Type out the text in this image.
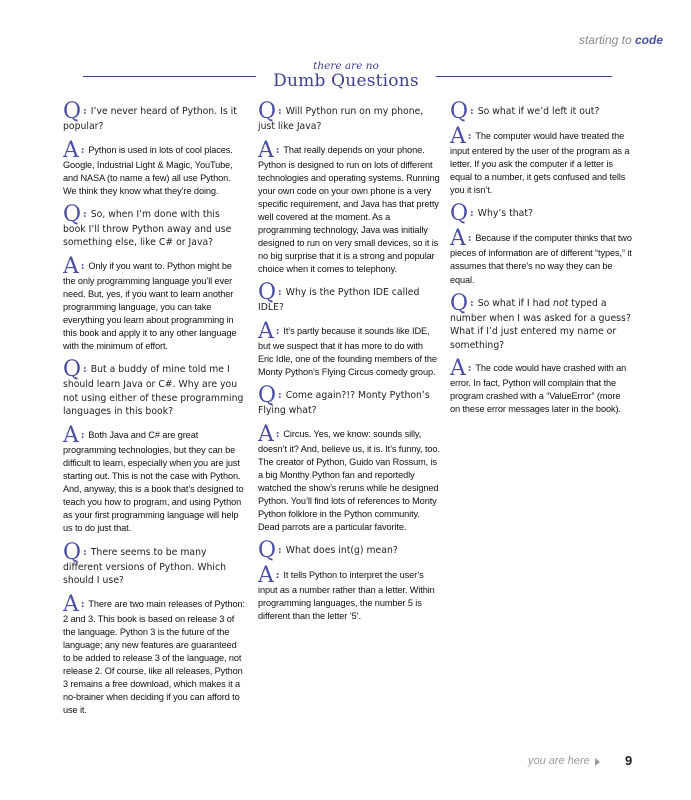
starting to code
there are no
Dumb Questions

Q : I’ve never heard of Python. Is it popular?

A : Python is used in lots of cool places. Google, Industrial Light & Magic, YouTube, and NASA (to name a few) all use Python. We think they know what they’re doing.

Q : So, when I’m done with this book I’ll throw Python away and use something else, like C# or Java?

A : Only if you want to. Python might be the only programming language you’ll ever need. But, yes, if you want to learn another programming language, you can take everything you learn about programming in this book and apply it to any other language with the minimum of effort.

Q : But a buddy of mine told me I should learn Java or C#. Why are you not using either of these programming languages in this book?

A : Both Java and C# are great programming technologies, but they can be difficult to learn, especially when you are just starting out. This is not the case with Python. And, anyway, this is a book that’s designed to teach you how to program, and using Python as your first programming language will help us to do just that.

Q : There seems to be many different versions of Python. Which should I use?

A : There are two main releases of Python: 2 and 3. This book is based on release 3 of the language. Python 3 is the future of the language; any new features are guaranteed to be added to release 3 of the language, not release 2. Of course, like all releases, Python 3 remains a free download, which makes it a no-brainer when deciding if you can afford to use it.

Q : Will Python run on my phone, just like Java?

A : That really depends on your phone. Python is designed to run on lots of different technologies and operating systems. Running your own code on your own phone is a very specific requirement, and Java has that pretty well covered at the moment. As a programming technology, Java was initially designed to run on very small devices, so it is no big surprise that it is a strong and popular choice when it comes to telephony.

Q : Why is the Python IDE called IDLE?

A : It’s partly because it sounds like IDE, but we suspect that it has more to do with Eric Idle, one of the founding members of the Monty Python’s Flying Circus comedy group.

Q : Come again?!? Monty Python’s Flying what?

A : Circus. Yes, we know: sounds silly, doesn’t it? And, believe us, it is. It’s funny, too. The creator of Python, Guido van Rossum, is a big Monthy Python fan and reportedly watched the show’s reruns while he designed Python. You’ll find lots of references to Monty Python folklore in the Python community. Dead parrots are a particular favorite.

Q : What does int(g) mean?

A : It tells Python to interpret the user’s input as a number rather than a letter. Within programming languages, the number 5 is different than the letter ‘5’.

Q : So what if we’d left it out?

A : The computer would have treated the input entered by the user of the program as a letter. If you ask the computer if a letter is equal to a number, it gets confused and tells you it isn’t.

Q : Why’s that?

A : Because if the computer thinks that two pieces of information are of different “types,” it assumes that there’s no way they can be equal.

Q : So what if I had not typed a number when I was asked for a guess? What if I’d just entered my name or something?

A : The code would have crashed with an error. In fact, Python will complain that the program crashed with a “ValueError” (more on these error messages later in the book).

you are here	9
